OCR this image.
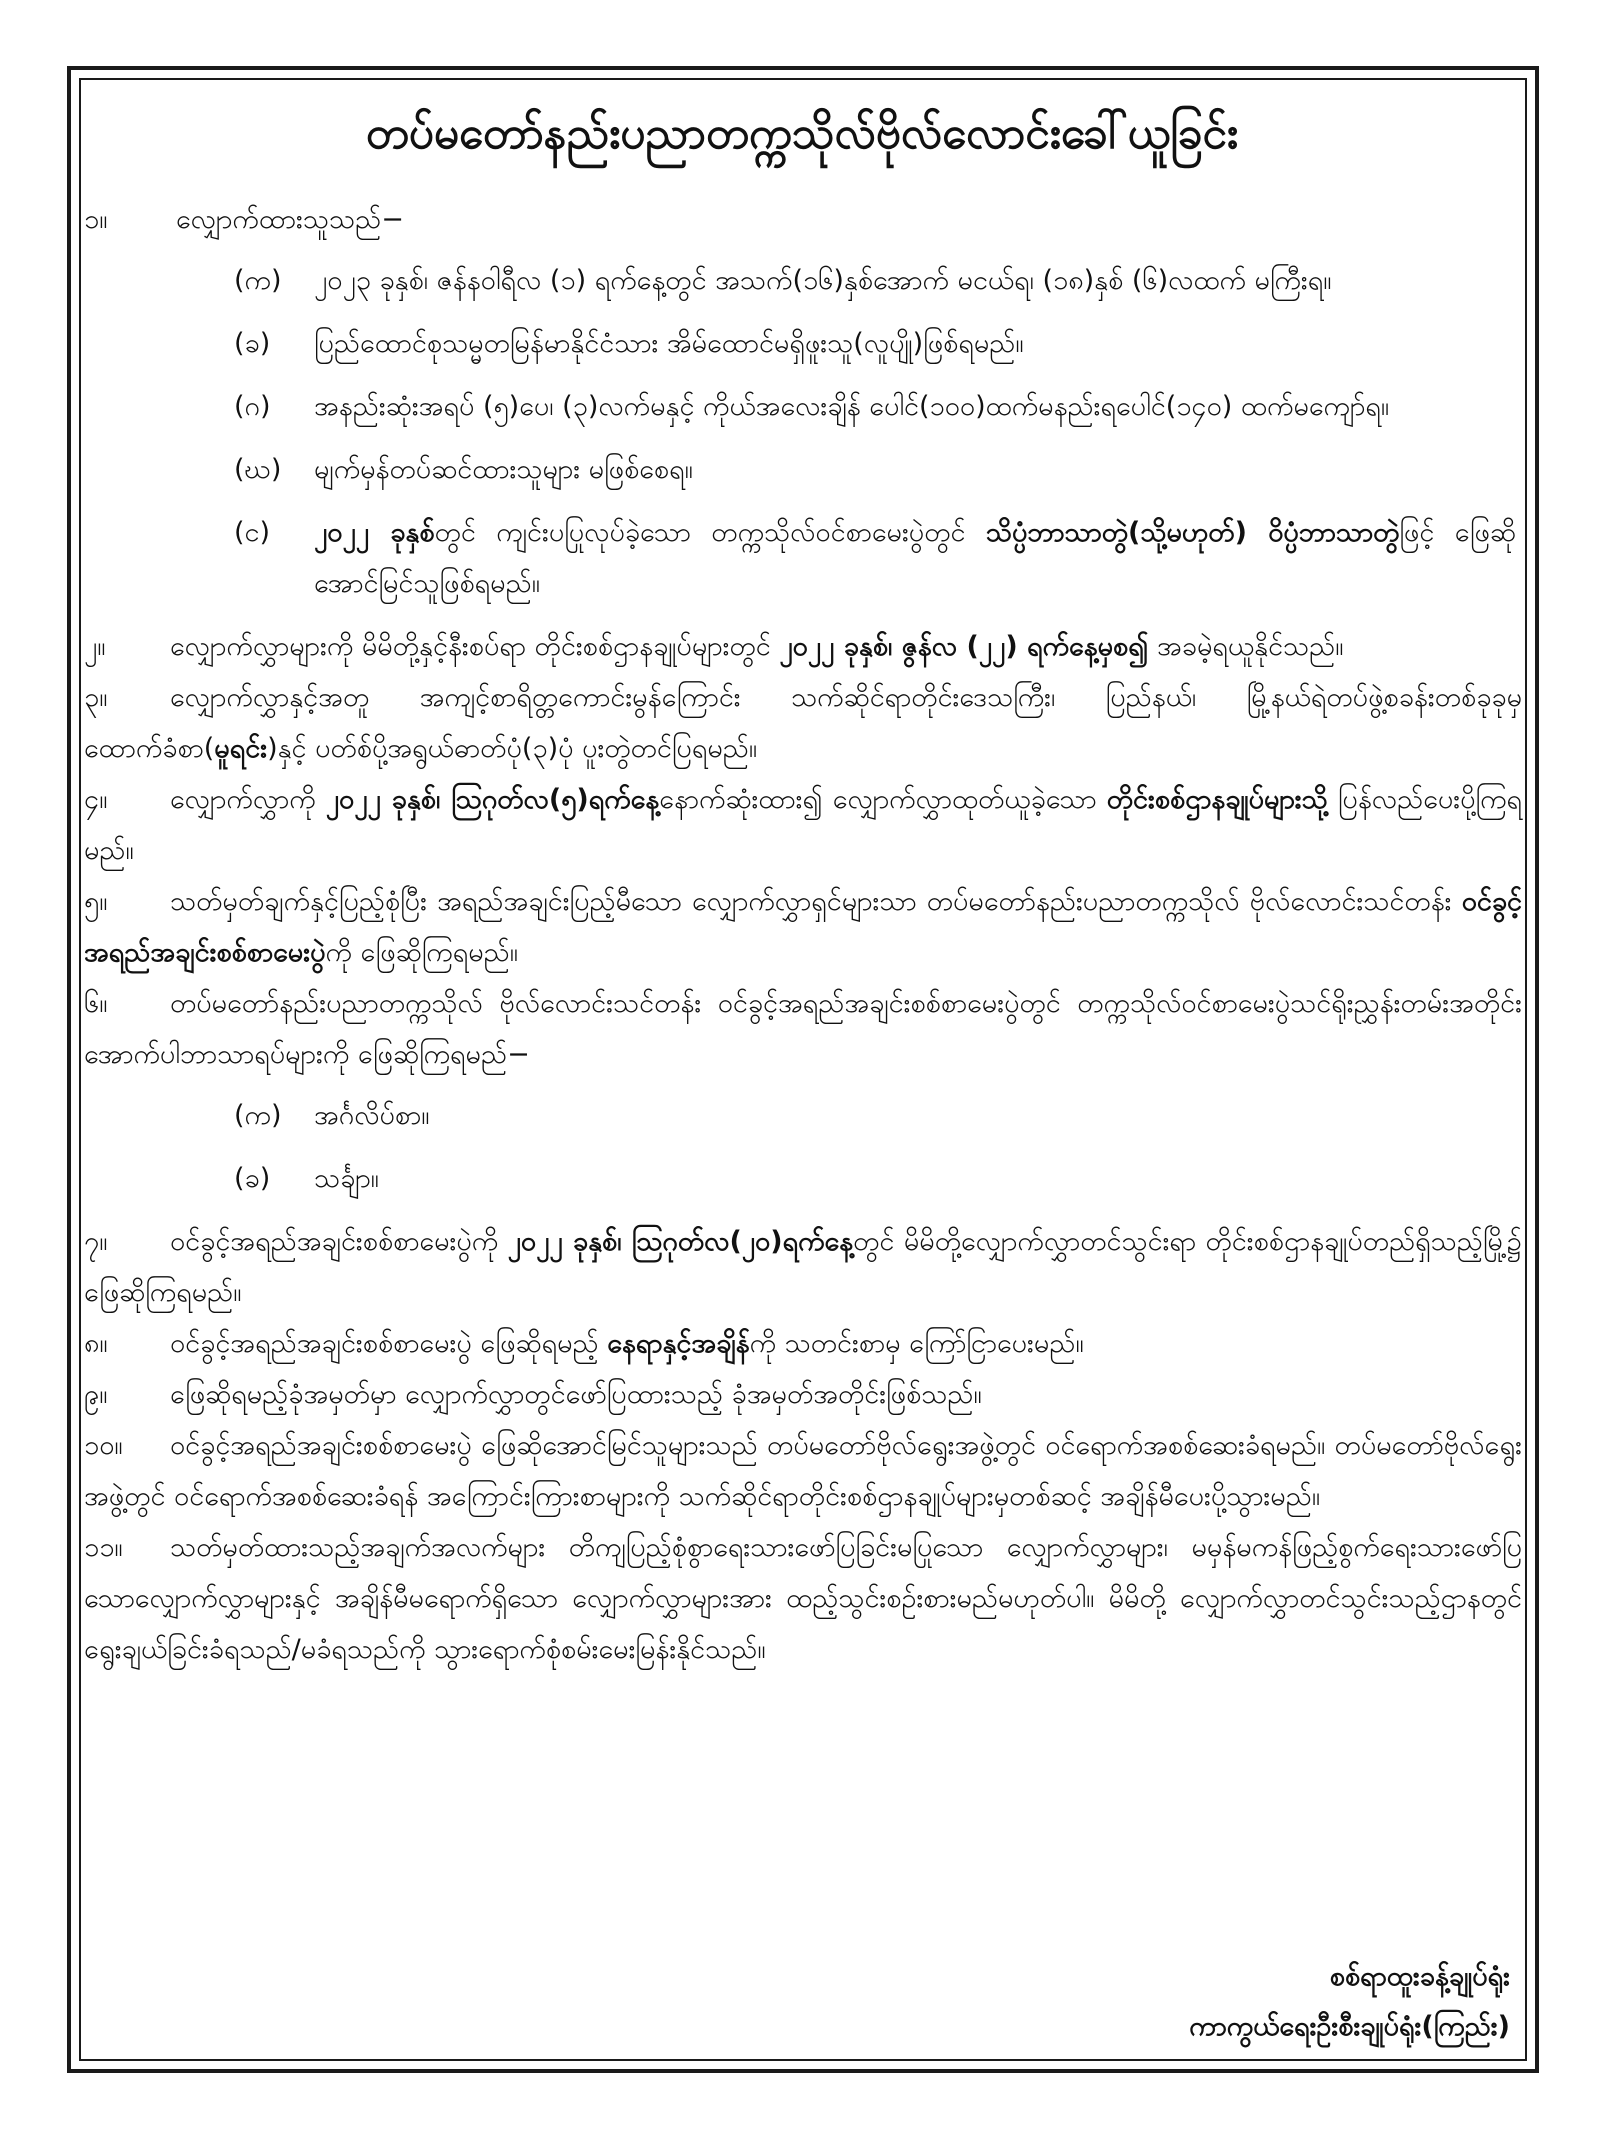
တပ်မတော်နည်းပညာတက္ကသိုလ်ဗိုလ်လောင်းခေါ်ယူခြင်း

၁။	လျှောက်ထားသူသည်−

(က)	၂၀၂၃ ခုနှစ်၊ ဇန်နဝါရီလ (၁) ရက်နေ့တွင် အသက်(၁၆)နှစ်အောက် မငယ်ရ၊ (၁၈)နှစ် (၆)လထက် မကြီးရ။
(ခ)	ပြည်ထောင်စုသမ္မတမြန်မာနိုင်ငံသား အိမ်ထောင်မရှိဖူးသူ(လူပျို)ဖြစ်ရမည်။
(ဂ)	အနည်းဆုံးအရပ် (၅)ပေ၊ (၃)လက်မနှင့် ကိုယ်အလေးချိန် ပေါင်(၁၀၀)ထက်မနည်းရပေါင်(၁၄၀) ထက်မကျော်ရ။
(ဃ)	မျက်မှန်တပ်ဆင်ထားသူများ မဖြစ်စေရ။
(င)	၂၀၂၂ ခုနှစ်တွင် ကျင်းပပြုလုပ်ခဲ့သော တက္ကသိုလ်ဝင်စာမေးပွဲတွင် သိပ္ပံဘာသာတွဲ(သို့မဟုတ်) ဝိပ္ပံဘာသာတွဲဖြင့် ဖြေဆိုအောင်မြင်သူဖြစ်ရမည်။

၂။ လျှောက်လွှာများကို မိမိတို့နှင့်နီးစပ်ရာ တိုင်းစစ်ဌာနချုပ်များတွင် ၂၀၂၂ ခုနှစ်၊ ဇွန်လ (၂၂) ရက်နေ့မှစ၍ အခမဲ့ရယူနိုင်သည်။

၃။ လျှောက်လွှာနှင့်အတူ အကျင့်စာရိတ္တကောင်းမွန်ကြောင်း သက်ဆိုင်ရာတိုင်းဒေသကြီး၊ ပြည်နယ်၊ မြို့နယ်ရဲတပ်ဖွဲ့စခန်းတစ်ခုခုမှ ထောက်ခံစာ(မူရင်း)နှင့် ပတ်စ်ပို့အရွယ်ဓာတ်ပုံ(၃)ပုံ ပူးတွဲတင်ပြရမည်။

၄။ လျှောက်လွှာကို ၂၀၂၂ ခုနှစ်၊ ဩဂုတ်လ(၅)ရက်နေ့နောက်ဆုံးထား၍ လျှောက်လွှာထုတ်ယူခဲ့သော တိုင်းစစ်ဌာနချုပ်များသို့ ပြန်လည်ပေးပို့ကြရမည်။

၅။ သတ်မှတ်ချက်နှင့်ပြည့်စုံပြီး အရည်အချင်းပြည့်မီသော လျှောက်လွှာရှင်များသာ တပ်မတော်နည်းပညာတက္ကသိုလ် ဗိုလ်လောင်းသင်တန်း ဝင်ခွင့်အရည်အချင်းစစ်စာမေးပွဲကို ဖြေဆိုကြရမည်။

၆။ တပ်မတော်နည်းပညာတက္ကသိုလ် ဗိုလ်လောင်းသင်တန်း ဝင်ခွင့်အရည်အချင်းစစ်စာမေးပွဲတွင် တက္ကသိုလ်ဝင်စာမေးပွဲသင်ရိုးညွှန်းတမ်းအတိုင်း အောက်ပါဘာသာရပ်များကို ဖြေဆိုကြရမည်−

(က)	အင်္ဂလိပ်စာ။
(ခ)	သင်္ချာ။

၇။ ဝင်ခွင့်အရည်အချင်းစစ်စာမေးပွဲကို ၂၀၂၂ ခုနှစ်၊ ဩဂုတ်လ(၂၀)ရက်နေ့တွင် မိမိတို့လျှောက်လွှာတင်သွင်းရာ တိုင်းစစ်ဌာနချုပ်တည်ရှိသည့်မြို့၌ ဖြေဆိုကြရမည်။

၈။ ဝင်ခွင့်အရည်အချင်းစစ်စာမေးပွဲ ဖြေဆိုရမည့် နေရာနှင့်အချိန်ကို သတင်းစာမှ ကြော်ငြာပေးမည်။

၉။ ဖြေဆိုရမည့်ခုံအမှတ်မှာ လျှောက်လွှာတွင်ဖော်ပြထားသည့် ခုံအမှတ်အတိုင်းဖြစ်သည်။

၁၀။ ဝင်ခွင့်အရည်အချင်းစစ်စာမေးပွဲ ဖြေဆိုအောင်မြင်သူများသည် တပ်မတော်ဗိုလ်ရွေးအဖွဲ့တွင် ဝင်ရောက်အစစ်ဆေးခံရမည်။ တပ်မတော်ဗိုလ်ရွေးအဖွဲ့တွင် ဝင်ရောက်အစစ်ဆေးခံရန် အကြောင်းကြားစာများကို သက်ဆိုင်ရာတိုင်းစစ်ဌာနချုပ်များမှတစ်ဆင့် အချိန်မီပေးပို့သွားမည်။

၁၁။ သတ်မှတ်ထားသည့်အချက်အလက်များ တိကျပြည့်စုံစွာရေးသားဖော်ပြခြင်းမပြုသော လျှောက်လွှာများ၊ မမှန်မကန်ဖြည့်စွက်ရေးသားဖော်ပြသောလျှောက်လွှာများနှင့် အချိန်မီမရောက်ရှိသော လျှောက်လွှာများအား ထည့်သွင်းစဉ်းစားမည်မဟုတ်ပါ။ မိမိတို့ လျှောက်လွှာတင်သွင်းသည့်ဌာနတွင် ရွေးချယ်ခြင်းခံရသည်/မခံရသည်ကို သွားရောက်စုံစမ်းမေးမြန်းနိုင်သည်။

စစ်ရာထူးခန့်ချုပ်ရုံး
ကာကွယ်ရေးဦးစီးချုပ်ရုံး(ကြည်း)
